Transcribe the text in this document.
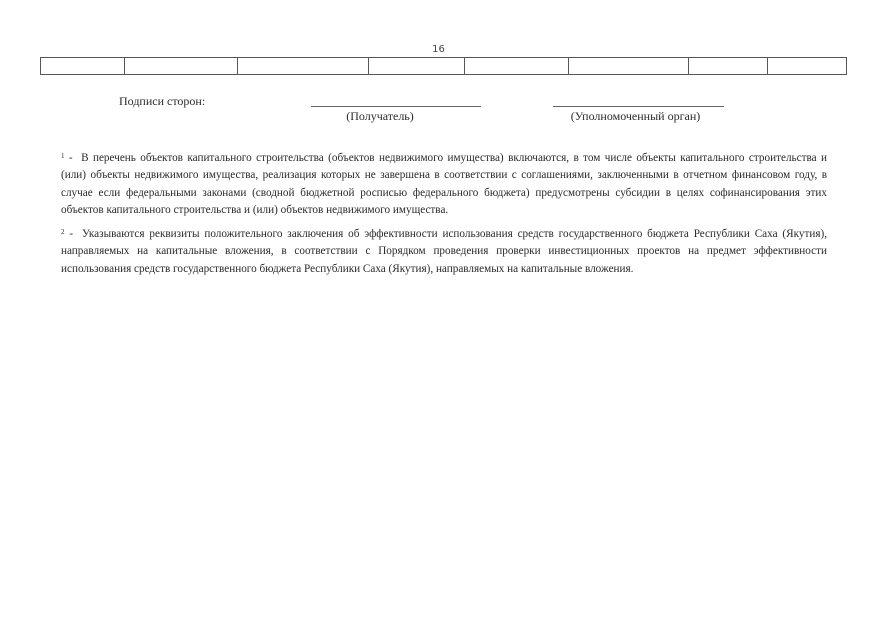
16

Подписи сторон:
(Получатель)	(Уполномоченный орган)
$^1$ - В перечень объектов капитального строительства (объектов недвижимого имущества) включаются, в том числе объекты капитального строительства и (или) объекты недвижимого имущества, реализация которых не завершена в соответствии с соглашениями, заключенными в отчетном финансовом году, в случае если федеральными законами (сводной бюджетной росписью федерального бюджета) предусмотрены субсидии в целях софинансирования этих объектов капитального строительства и (или) объектов недвижимого имущества.
$^2$ - Указываются реквизиты положительного заключения об эффективности использования средств государственного бюджета Республики Саха (Якутия), направляемых на капитальные вложения, в соответствии с Порядком проведения проверки инвестиционных проектов на предмет эффективности использования средств государственного бюджета Республики Саха (Якутия), направляемых на капитальные вложения.
